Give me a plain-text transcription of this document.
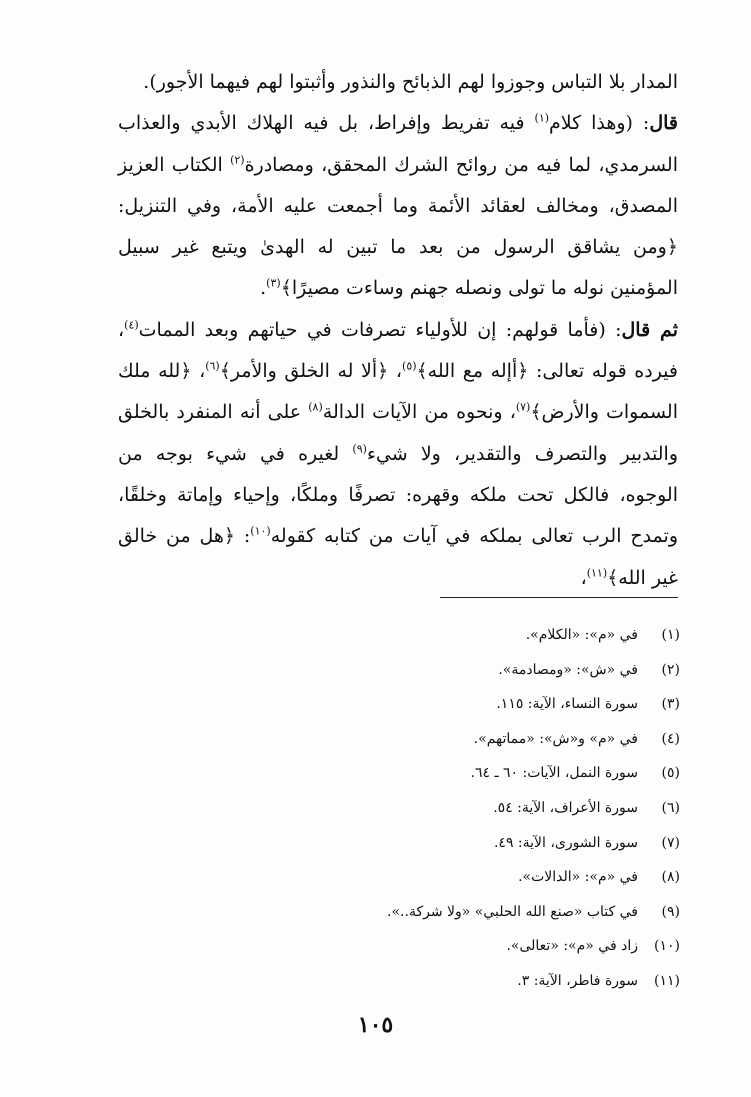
المدار بلا التباس وجوزوا لهم الذبائح والنذور وأثبتوا لهم فيهما الأجور).

قال: (وهذا كلام$^{(١)}$ فيه تفريط وإفراط، بل فيه الهلاك الأبدي والعذاب السرمدي، لما فيه من روائح الشرك المحقق، ومصادرة$^{(٢)}$ الكتاب العزيز المصدق، ومخالف لعقائد الأئمة وما أجمعت عليه الأمة، وفي التنزيل: ﴿ومن يشاقق الرسول من بعد ما تبين له الهدىٰ ويتبع غير سبيل المؤمنين نوله ما تولى ونصله جهنم وساءت مصيرًا﴾$^{(٣)}$.

ثم قال: (فأما قولهم: إن للأولياء تصرفات في حياتهم وبعد الممات$^{(٤)}$، فيرده قوله تعالى: ﴿أإله مع الله﴾$^{(٥)}$، ﴿ألا له الخلق والأمر﴾$^{(٦)}$، ﴿لله ملك السموات والأرض﴾$^{(٧)}$، ونحوه من الآيات الدالة$^{(٨)}$ على أنه المنفرد بالخلق والتدبير والتصرف والتقدير، ولا شيء$^{(٩)}$ لغيره في شيء بوجه من الوجوه، فالكل تحت ملكه وقهره: تصرفًا وملكًا، وإحياء وإماتة وخلقًا، وتمدح الرب تعالى بملكه في آيات من كتابه كقوله$^{(١٠)}$: ﴿هل من خالق غير الله﴾$^{(١١)}$،

(١)في «م»: «الكلام».
(٢)في «ش»: «ومصادمة».
(٣)سورة النساء، الآية: ١١٥.
(٤)في «م» و«ش»: «مماتهم».
(٥)سورة النمل، الآيات: ٦٠ ـ ٦٤.
(٦)سورة الأعراف، الآية: ٥٤.
(٧)سورة الشورى، الآية: ٤٩.
(٨)في «م»: «الدالات».
(٩)في كتاب «صنع الله الحلبي» «ولا شركة..».
(١٠)زاد في «م»: «تعالى».
(١١)سورة فاطر، الآية: ٣.
١٠٥
